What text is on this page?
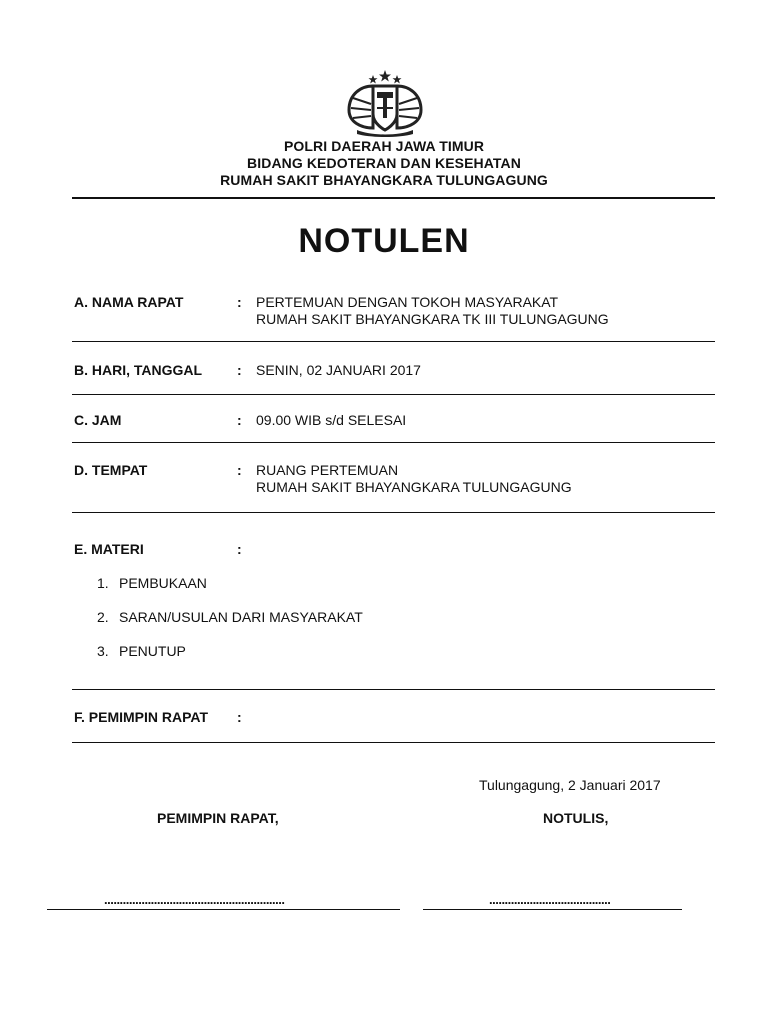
POLRI DAERAH JAWA TIMUR
BIDANG KEDOTERAN DAN KESEHATAN
RUMAH SAKIT BHAYANGKARA TULUNGAGUNG
NOTULEN
A. NAMA RAPAT	: PERTEMUAN DENGAN TOKOH MASYARAKAT
RUMAH SAKIT BHAYANGKARA TK III TULUNGAGUNG
B. HARI, TANGGAL : SENIN, 02 JANUARI 2017
C. JAM	: 09.00 WIB s/d SELESAI
D. TEMPAT	: RUANG PERTEMUAN
RUMAH SAKIT BHAYANGKARA TULUNGAGUNG
E. MATERI	:
1. PEMBUKAAN
2. SARAN/USULAN DARI MASYARAKAT
3. PENUTUP
F. PEMIMPIN RAPAT :
Tulungagung, 2 Januari 2017
PEMIMPIN RAPAT,	NOTULIS,
..........................................................	.......................................
